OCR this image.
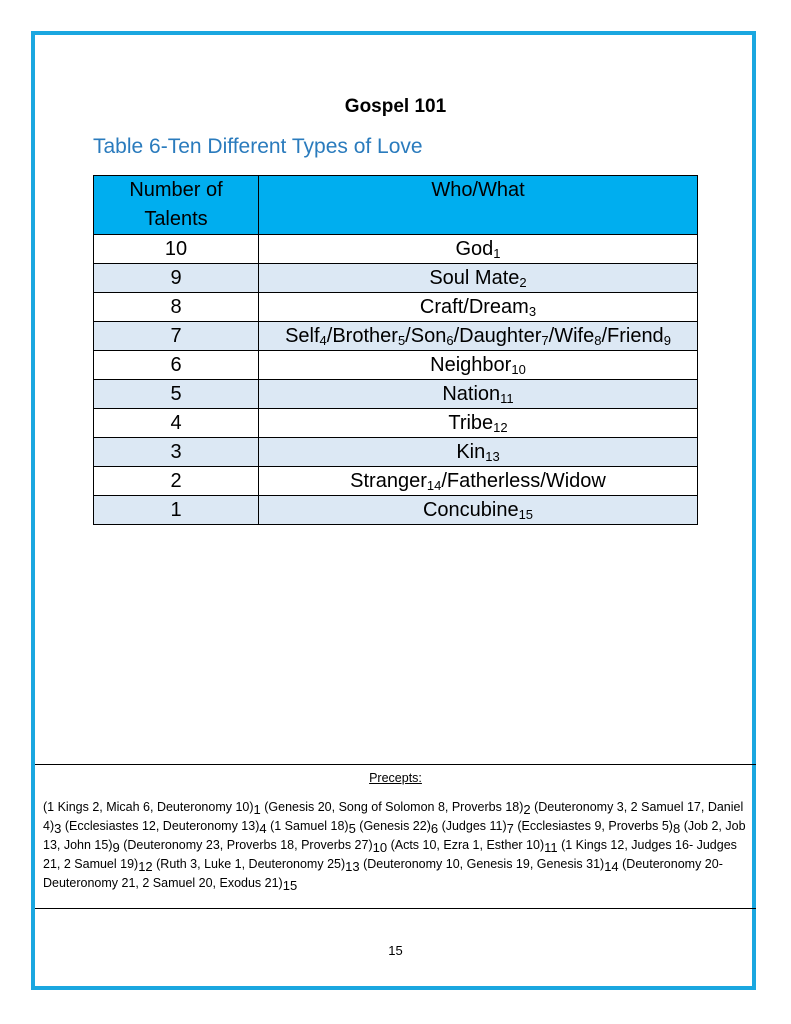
Gospel 101
Table 6-Ten Different Types of Love
Number of Talents	Who/What
10	God$_1$
9	Soul Mate$_2$
8	Craft/Dream$_3$
7	Self$_4$/Brother$_5$/Son$_6$/Daughter$_7$/Wife$_8$/Friend$_9$
6	Neighbor$_{10}$
5	Nation$_{11}$
4	Tribe$_{12}$
3	Kin$_{13}$
2	Stranger$_{14}$/Fatherless/Widow
1	Concubine$_{15}$
Precepts:
(1 Kings 2, Micah 6, Deuteronomy $10)_1$ (Genesis 20, Song of Solomon 8, Proverbs $18)_2$ (Deuteronomy 3, 2 Samuel 17, Daniel $4)_3$ (Ecclesiastes 12, Deuteronomy $13)_4$ (1 Samuel $18)_5$ (Genesis $22)_6$ (Judges $11)_7$ (Ecclesiastes 9, Proverbs $5)_8$ (Job 2, Job 13, John $15)_9$ (Deuteronomy 23, Proverbs 18, Proverbs $27)_{10}$ (Acts 10, Ezra 1, Esther $10)_{11}$ (1 Kings 12, Judges 16- Judges 21, 2 Samuel $19)_{12}$ (Ruth 3, Luke 1, Deuteronomy $25)_{13}$ (Deuteronomy 10, Genesis 19, Genesis $31)_{14}$ (Deuteronomy 20- Deuteronomy 21, 2 Samuel 20, Exodus $21)_{15}$
15
